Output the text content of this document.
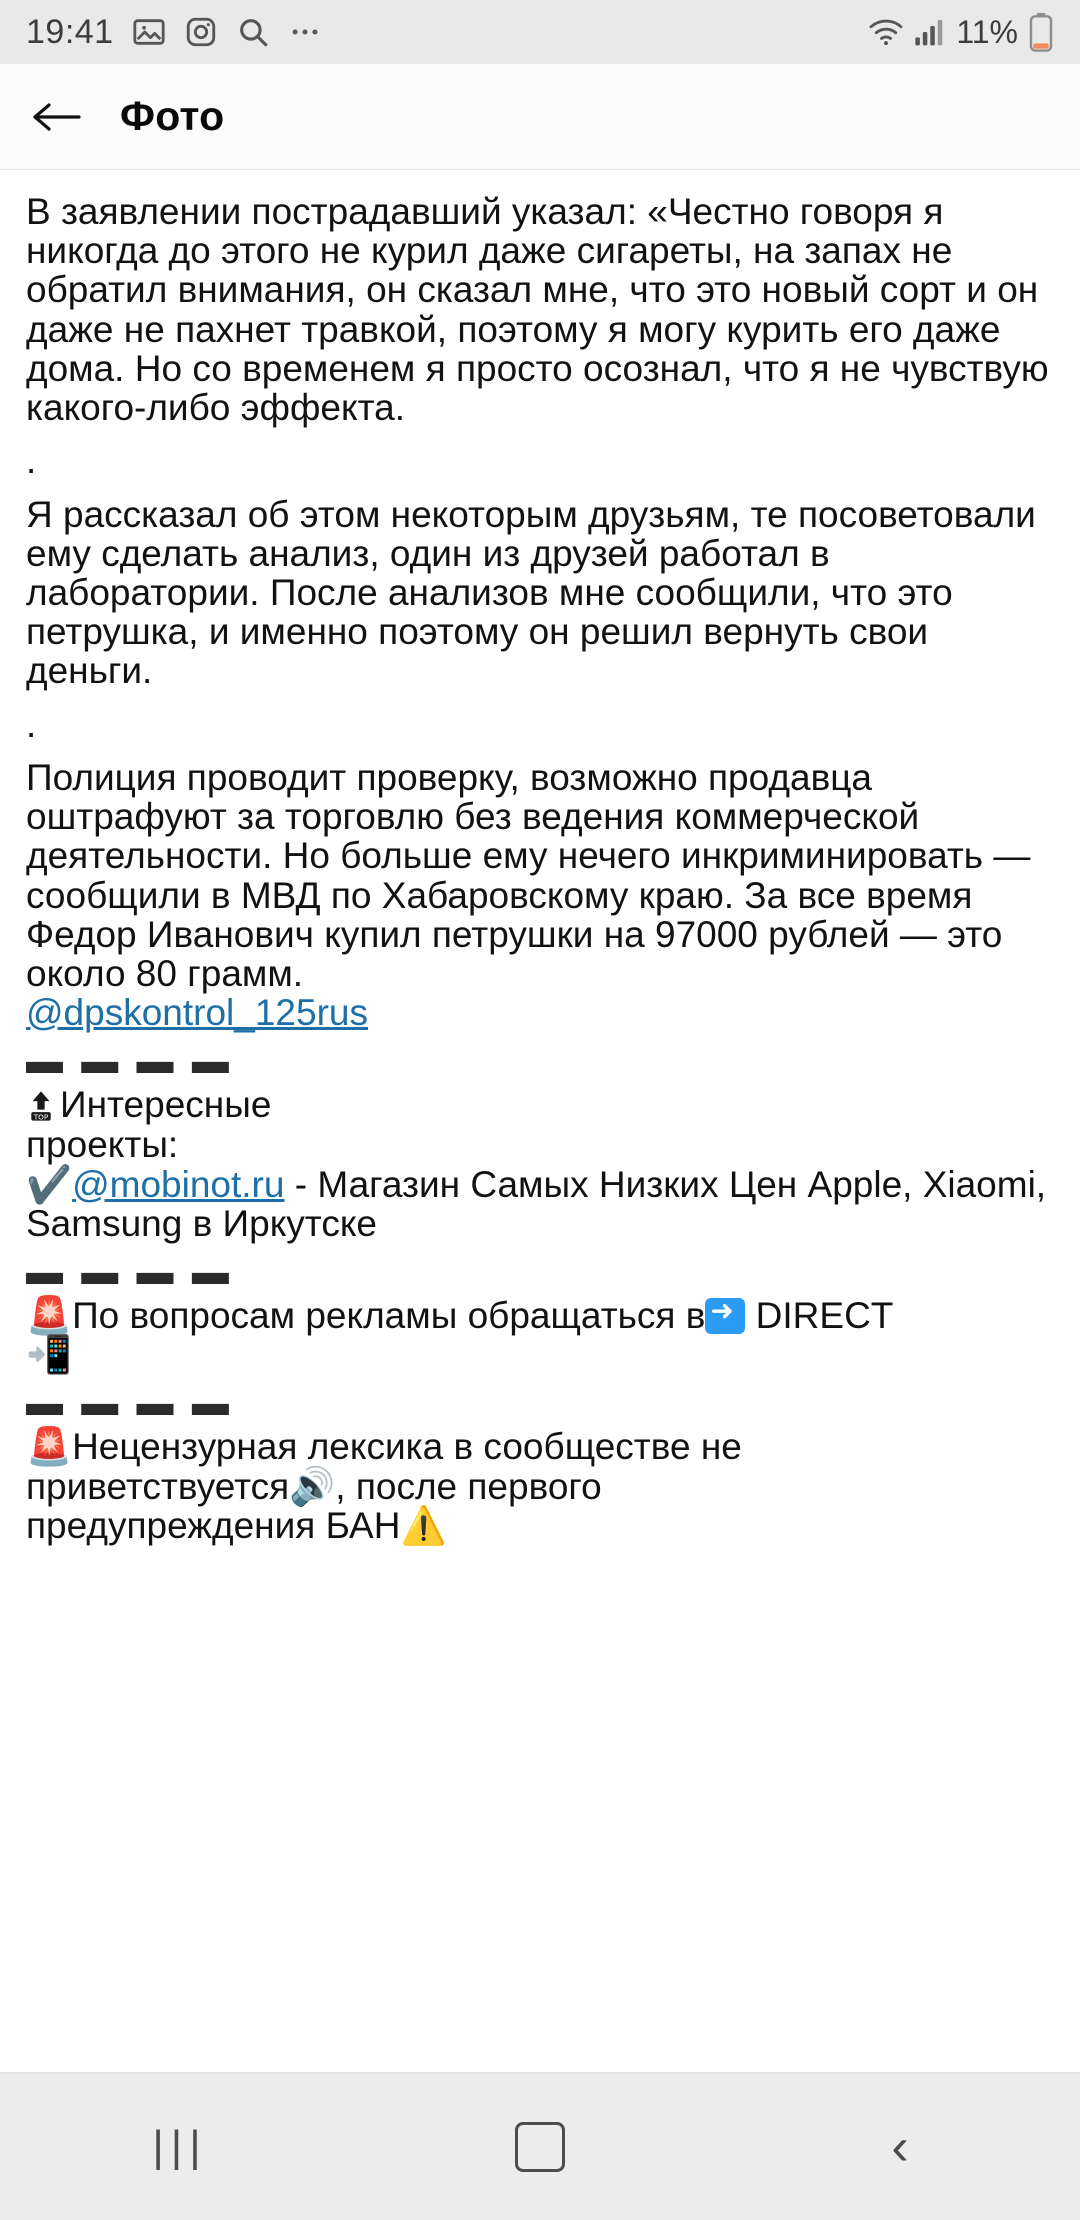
19:41	11%
Фото

В заявлении пострадавший указал: «Честно говоря я никогда до этого не курил даже сигареты, на запах не обратил внимания, он сказал мне, что это новый сорт и он даже не пахнет травкой, поэтому я могу курить его даже дома. Но со временем я просто осознал, что я не чувствую какого-либо эффекта.

.

Я рассказал об этом некоторым друзьям, те посоветовали ему сделать анализ, один из друзей работал в лаборатории. После анализов мне сообщили, что это петрушка, и именно поэтому он решил вернуть свои деньги.

.

Полиция проводит проверку, возможно продавца оштрафуют за торговлю без ведения коммерческой деятельности. Но больше ему нечего инкриминировать — сообщили в МВД по Хабаровскому краю. За все время Федор Иванович купил петрушки на 97000 рублей — это около 80 грамм.

@dpskontrol_125rus
▬ ▬ ▬ ▬
TOP Интересные
проекты:
✔️@mobinot.ru - Магазин Самых Низких Цен Apple, Xiaomi, Samsung в Иркутске
▬ ▬ ▬ ▬
🚨По вопросам рекламы обращаться в➜ DIRECT
📲
▬ ▬ ▬ ▬
🚨Нецензурная лексика в сообществе не
приветствуется🔊, после первого
предупреждения БАН⚠️
|||	‹
